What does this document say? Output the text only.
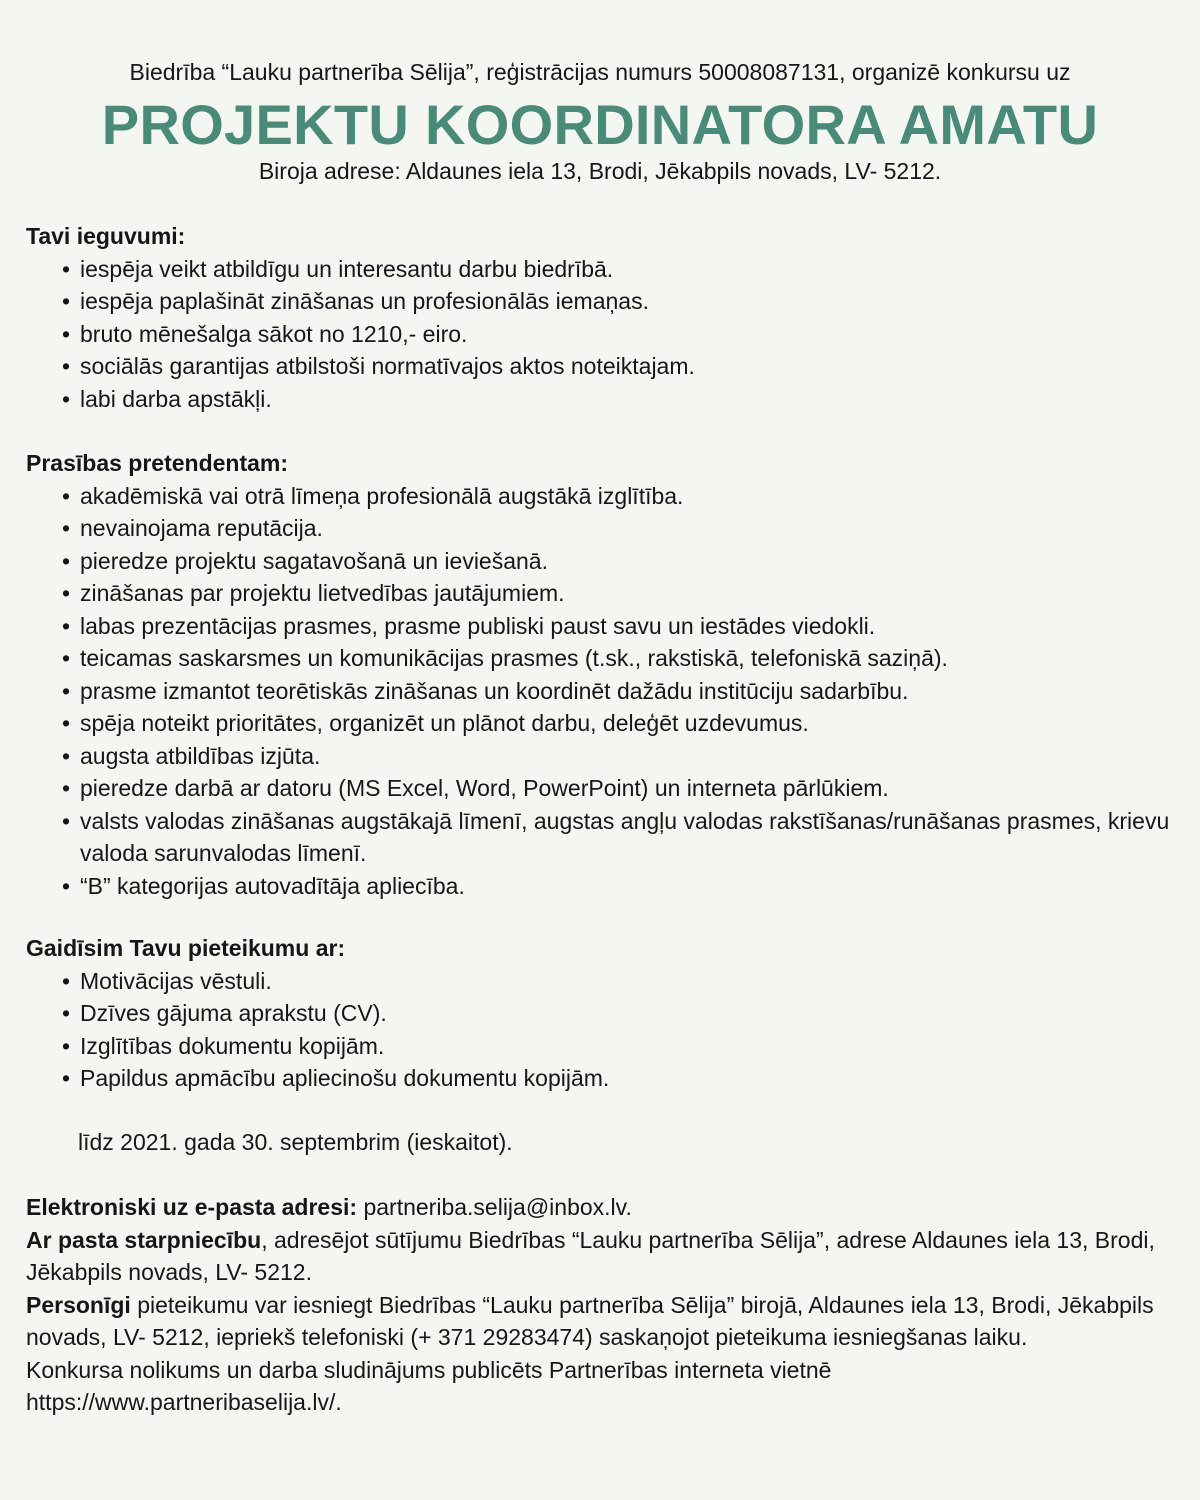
Biedrība “Lauku partnerība Sēlija”, reģistrācijas numurs 50008087131, organizē konkursu uz
PROJEKTU KOORDINATORA AMATU
Biroja adrese: Aldaunes iela 13, Brodi, Jēkabpils novads, LV- 5212.

Tavi ieguvumi:

• iespēja veikt atbildīgu un interesantu darbu biedrībā.
• iespēja paplašināt zināšanas un profesionālās iemaņas.
• bruto mēnešalga sākot no 1210,- eiro.
• sociālās garantijas atbilstoši normatīvajos aktos noteiktajam.
• labi darba apstākļi.

Prasības pretendentam:

• akadēmiskā vai otrā līmeņa profesionālā augstākā izglītība.
• nevainojama reputācija.
• pieredze projektu sagatavošanā un ieviešanā.
• zināšanas par projektu lietvedības jautājumiem.
• labas prezentācijas prasmes, prasme publiski paust savu un iestādes viedokli.
• teicamas saskarsmes un komunikācijas prasmes (t.sk., rakstiskā, telefoniskā saziņā).
• prasme izmantot teorētiskās zināšanas un koordinēt dažādu institūciju sadarbību.
• spēja noteikt prioritātes, organizēt un plānot darbu, deleģēt uzdevumus.
• augsta atbildības izjūta.
• pieredze darbā ar datoru (MS Excel, Word, PowerPoint) un interneta pārlūkiem.
• valsts valodas zināšanas augstākajā līmenī, augstas angļu valodas rakstīšanas/runāšanas prasmes, krievu valoda sarunvalodas līmenī.
• “B” kategorijas autovadītāja apliecība.

Gaidīsim Tavu pieteikumu ar:

• Motivācijas vēstuli.
• Dzīves gājuma aprakstu (CV).
• Izglītības dokumentu kopijām.
• Papildus apmācību apliecinošu dokumentu kopijām.
līdz 2021. gada 30. septembrim (ieskaitot).

Elektroniski uz e-pasta adresi: partneriba.selija@inbox.lv.

Ar pasta starpniecību, adresējot sūtījumu Biedrības “Lauku partnerība Sēlija”, adrese Aldaunes iela 13, Brodi, Jēkabpils novads, LV- 5212.

Personīgi pieteikumu var iesniegt Biedrības “Lauku partnerība Sēlija” birojā, Aldaunes iela 13, Brodi, Jēkabpils novads, LV- 5212, iepriekš telefoniski (+ 371 29283474) saskaņojot pieteikuma iesniegšanas laiku.

Konkursa nolikums un darba sludinājums publicēts Partnerības interneta vietnē

https://www.partneribaselija.lv/.
